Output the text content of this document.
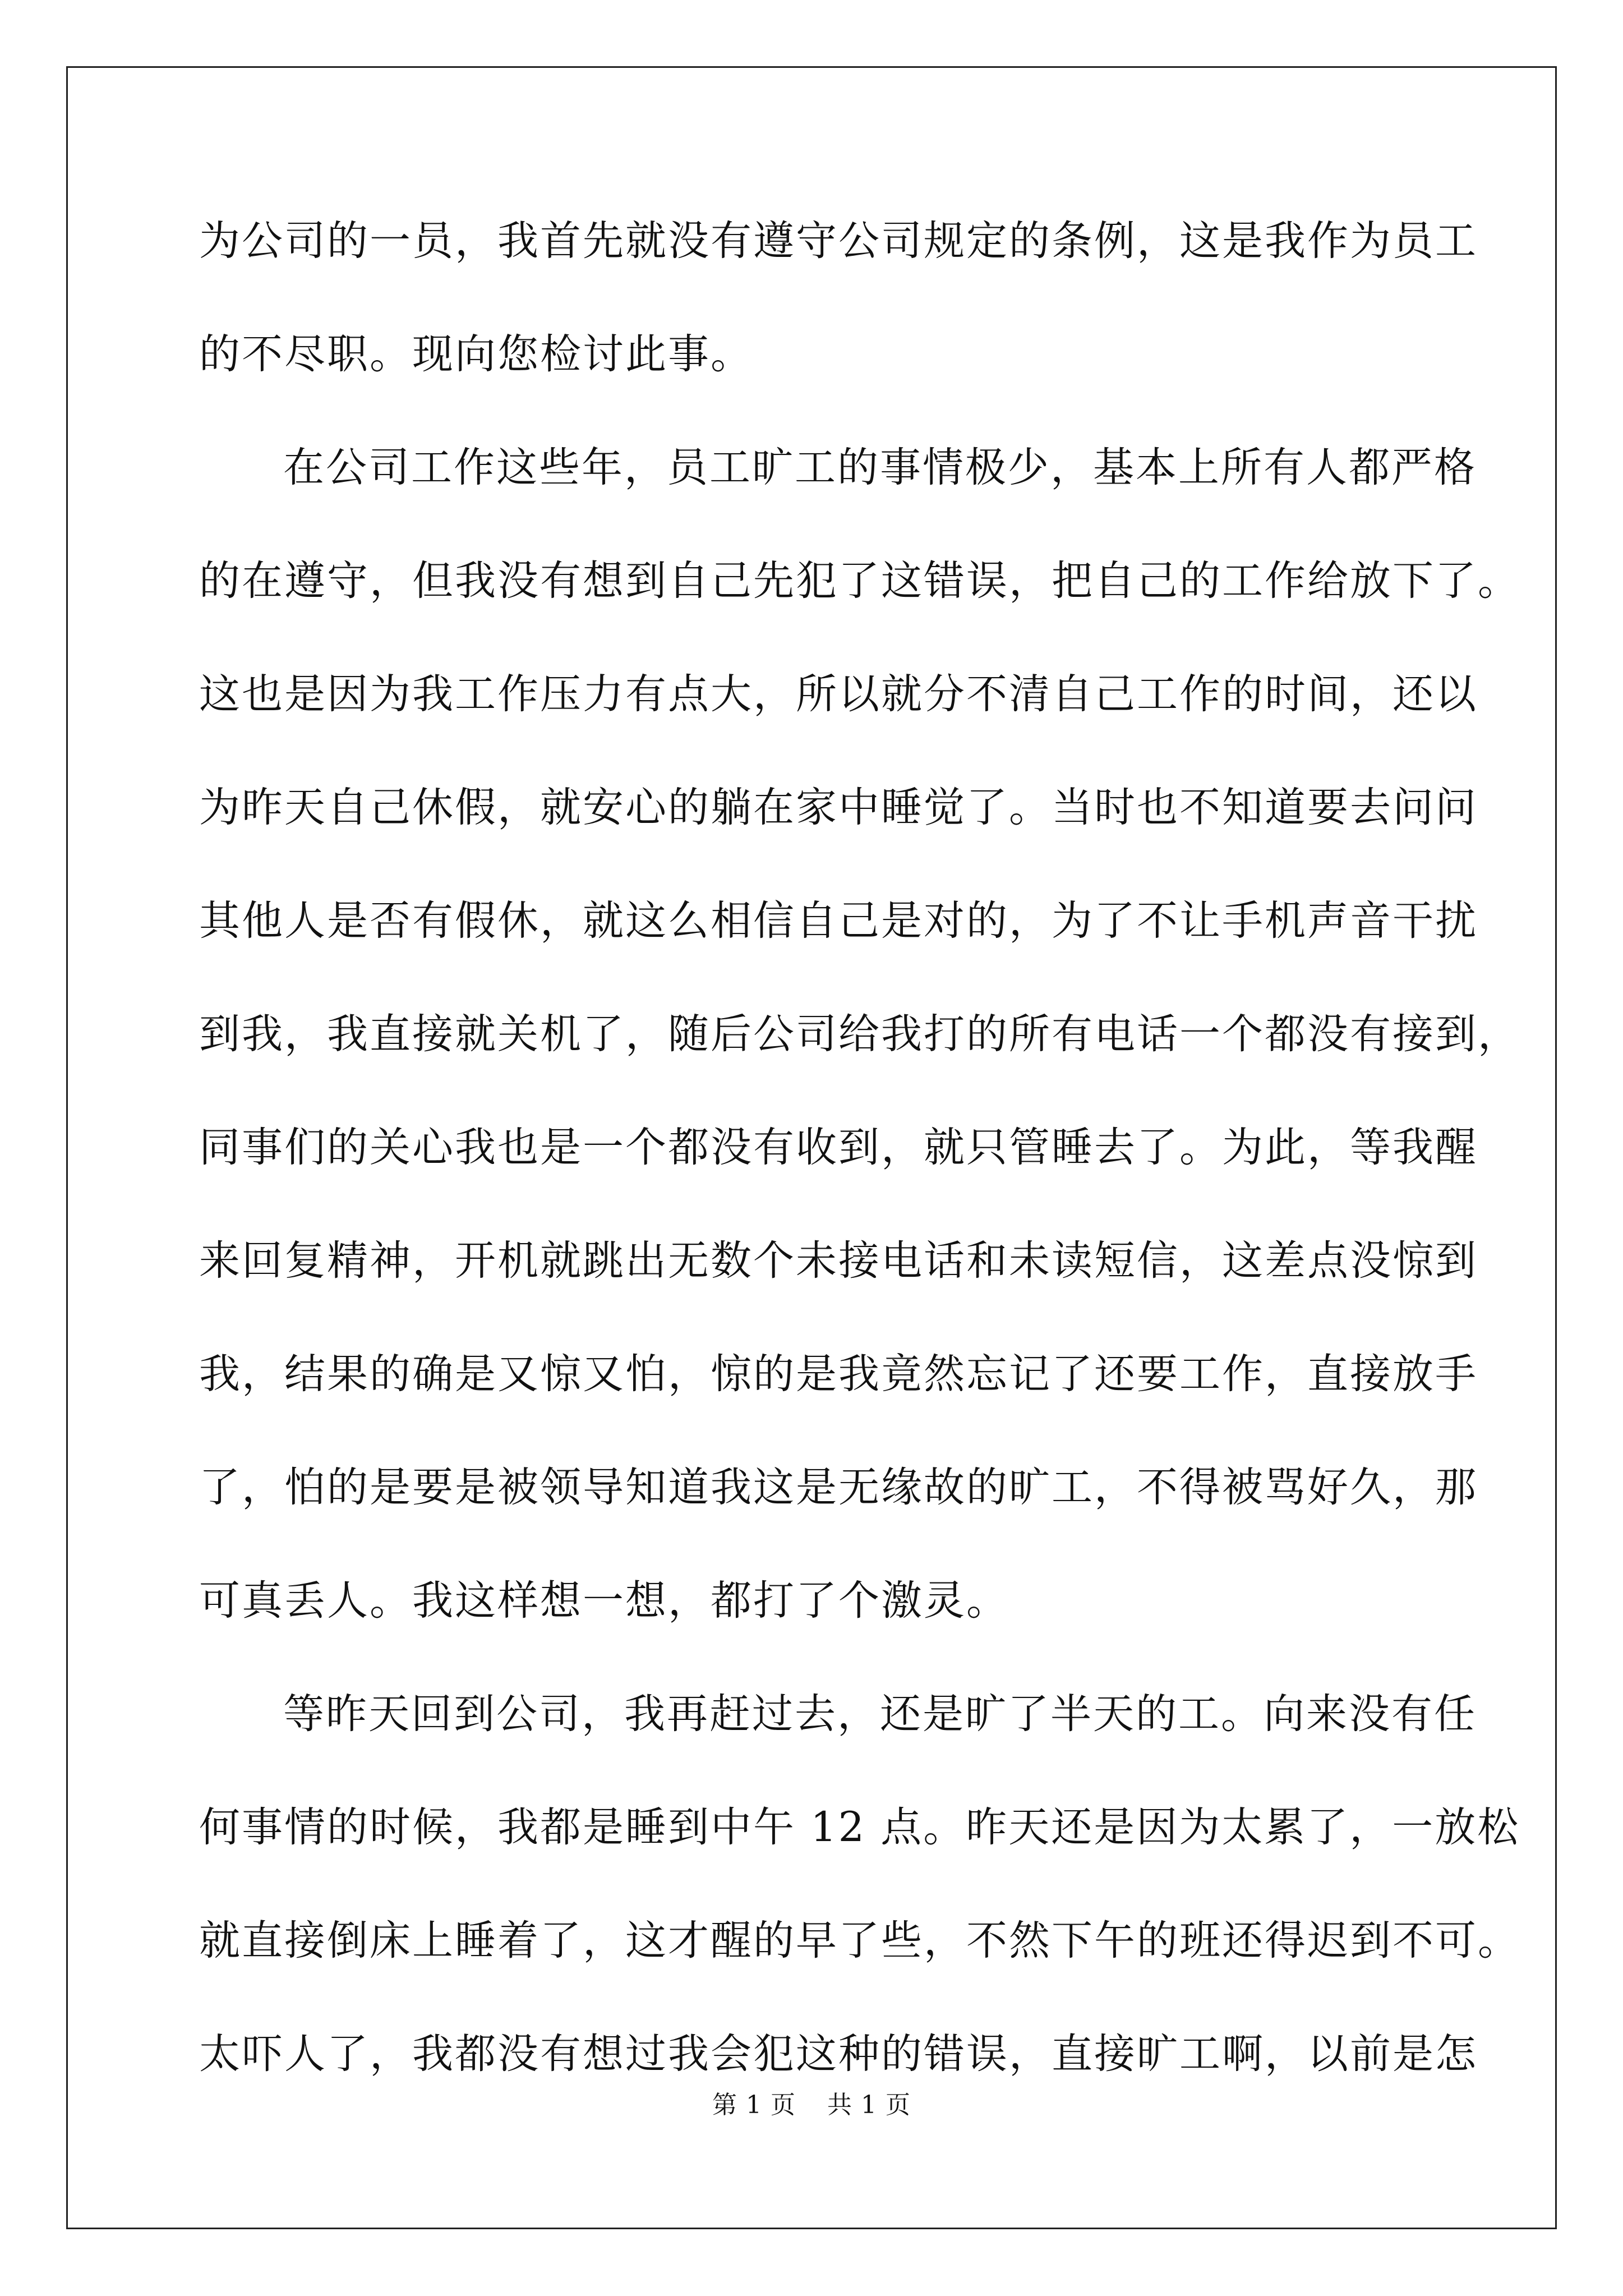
为公司的一员，我首先就没有遵守公司规定的条例，这是我作为员工
的不尽职。现向您检讨此事。
在公司工作这些年，员工旷工的事情极少，基本上所有人都严格
的在遵守，但我没有想到自己先犯了这错误，把自己的工作给放下了。
这也是因为我工作压力有点大，所以就分不清自己工作的时间，还以
为昨天自己休假，就安心的躺在家中睡觉了。当时也不知道要去问问
其他人是否有假休，就这么相信自己是对的，为了不让手机声音干扰
到我，我直接就关机了，随后公司给我打的所有电话一个都没有接到，
同事们的关心我也是一个都没有收到，就只管睡去了。为此，等我醒
来回复精神，开机就跳出无数个未接电话和未读短信，这差点没惊到
我，结果的确是又惊又怕，惊的是我竟然忘记了还要工作，直接放手
了，怕的是要是被领导知道我这是无缘故的旷工，不得被骂好久，那
可真丢人。我这样想一想，都打了个激灵。
等昨天回到公司，我再赶过去，还是旷了半天的工。向来没有任
何事情的时候，我都是睡到中午 12 点。昨天还是因为太累了，一放松
就直接倒床上睡着了，这才醒的早了些，不然下午的班还得迟到不可。
太吓人了，我都没有想过我会犯这种的错误，直接旷工啊，以前是怎
第 1 页 共 1 页
